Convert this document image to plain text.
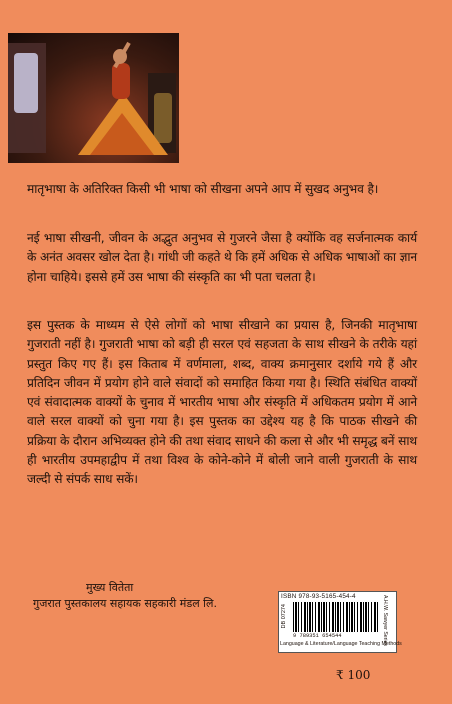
मातृभाषा के अतिरिक्त किसी भी भाषा को सीखना अपने आप में सुखद अनुभव है।

नई भाषा सीखनी, जीवन के अद्भुत अनुभव से गुजरने जैसा है क्योंकि वह सर्जनात्मक कार्य के अनंत अवसर खोल देता है। गांधी जी कहते थे कि हमें अधिक से अधिक भाषाओं का ज्ञान होना चाहिये। इससे हमें उस भाषा की संस्कृति का भी पता चलता है।

इस पुस्तक के माध्यम से ऐसे लोगों को भाषा सीखाने का प्रयास है, जिनकी मातृभाषा गुजराती नहीं है। गुजराती भाषा को बड़ी ही सरल एवं सहजता के साथ सीखने के तरीके यहां प्रस्तुत किए गए हैं। इस किताब में वर्णमाला, शब्द, वाक्य क्रमानुसार दर्शाये गये हैं और प्रतिदिन जीवन में प्रयोग होने वाले संवादों को समाहित किया गया है। स्थिति संबंधित वाक्यों एवं संवादात्मक वाक्यों के चुनाव में भारतीय भाषा और संस्कृति में अधिकतम प्रयोग में आने वाले सरल वाक्यों को चुना गया है। इस पुस्तक का उद्देश्य यह है कि पाठक सीखने की प्रक्रिया के दौरान अभिव्यक्त होने की तथा संवाद साधने की कला से और भी समृद्ध बनें साथ ही भारतीय उपमहाद्वीप में तथा विश्व के कोने-कोने में बोली जाने वाली गुजराती के साथ जल्दी से संपर्क साध सकें।

मुख्य वितेता
गुजरात पुस्तकालय सहायक सहकारी मंडल लि.
ISBN 978-93-5165-454-4
DB 07274
9 789351 654544	A.H.W. Sawyer Series
Language & Literature/Language Teaching Methods
₹ 100
